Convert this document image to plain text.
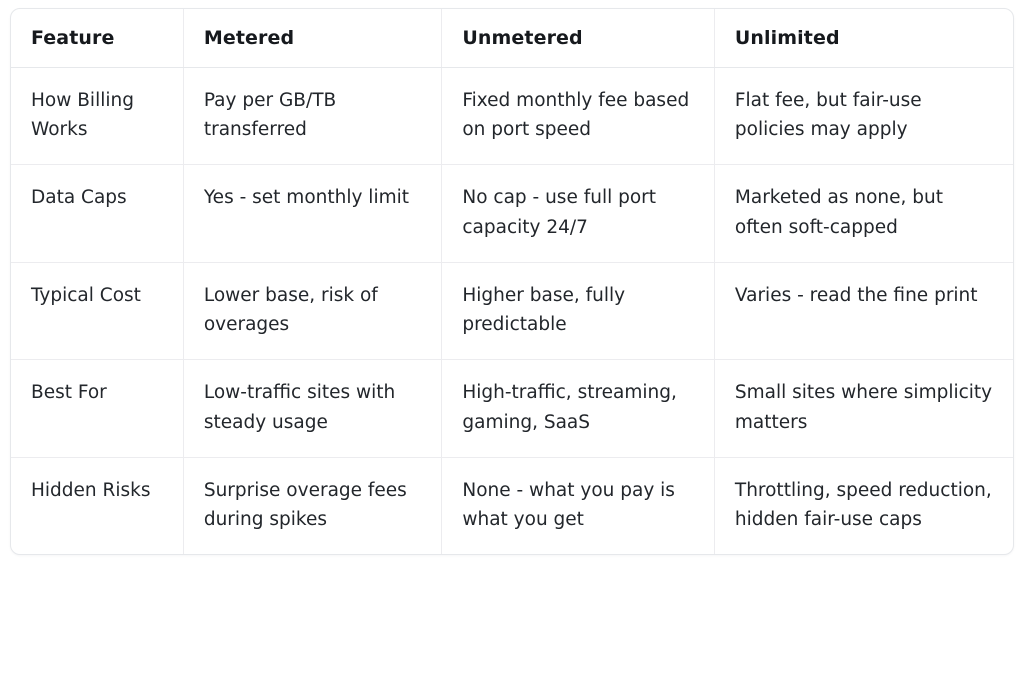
Feature	Metered	Unmetered	Unlimited

How Billing Works	Pay per GB/TB transferred	Fixed monthly fee based on port speed	Flat fee, but fair-use policies may apply

Data Caps	Yes - set monthly limit	No cap - use full port capacity 24/7	Marketed as none, but often soft-capped

Typical Cost	Lower base, risk of overages	Higher base, fully predictable	Varies - read the fine print

Best For	Low-traffic sites with steady usage	High-traffic, streaming, gaming, SaaS	Small sites where simplicity matters

Hidden Risks	Surprise overage fees during spikes	None - what you pay is what you get	Throttling, speed reduction, hidden fair-use caps
